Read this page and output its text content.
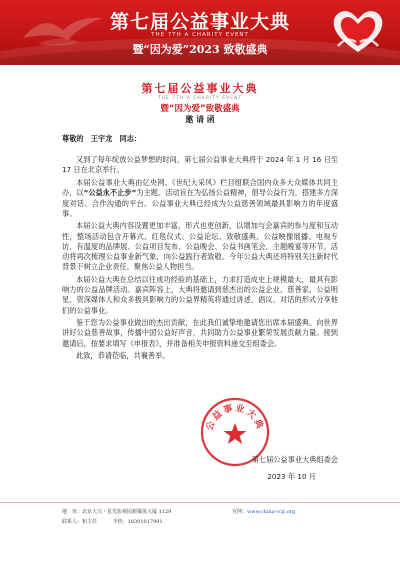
第七届公益事业大典
THE 7TH A CHARITY EVENT
暨“因为爱”2023 致敬盛典
第七届公益事业大典
THE 7TH A CHARITY EVENT
暨“因为爱”致敬盛典
邀 请 函
尊敬的　王宇龙　同志：

又到了每年绽放公益梦想的时间，第七届公益事业大典将于 2024 年 1 月 16 日至 17 日在北京举行。

本届公益事业大典由亿央网、《世纪大采风》栏目组联合国内众多大众媒体共同主办，以“公益永不止步”为主题。活动旨在为弘扬公益精神，倡导公益行为，搭建多方深度对话、合作沟通的平台。公益事业大典已经成为公益慈善领域最具影响力的年度盛事。

本届公益大典内容设置更加丰富，形式也更创新，以增加与会嘉宾的参与度和互动性，整场活动包含开幕式、红毯仪式、公益论坛、致敬盛典、公益映像展播、电视专访、有温度的品牌展、公益项目发布、公益晚会、公益书画笔会、主题晚宴等环节。活动将再次梳理公益事业新气象，向公益践行者致敬。今年公益大典还将特别关注新时代背景下树立企业责任，聚焦公益人物担当。

本届公益大典在总结以往成功经验的基础上，力求打造成史上规模最大，最具有影响力的公益品牌活动。嘉宾阵容上，大典将邀请到慈杰出的公益企业、慈善家、公益明星、资深媒体人和众多极具影响力的公益界精英将通过讲述、倡议、对话的形式分享他们的公益事业。

鉴于您为公益事业做出的杰出贡献，在此我们诚挚地邀请您出席本届盛典。向世界讲好公益慈善故事，传播中国公益好声音，共同助力公益事业繁荣发展贡献力量。接到邀请后，按要求填写《申报表》，并准备相关申报资料递交至组委会。

此致，恭请莅临，共襄善举。

公益事业大典
第七届公益事业大典组委会
2023 年 10 月
地　址：北京大兴・星光影视园新媒体大厦 1129	官网：www.china-ccp.org
联系人：和主任	手机：18301017991
